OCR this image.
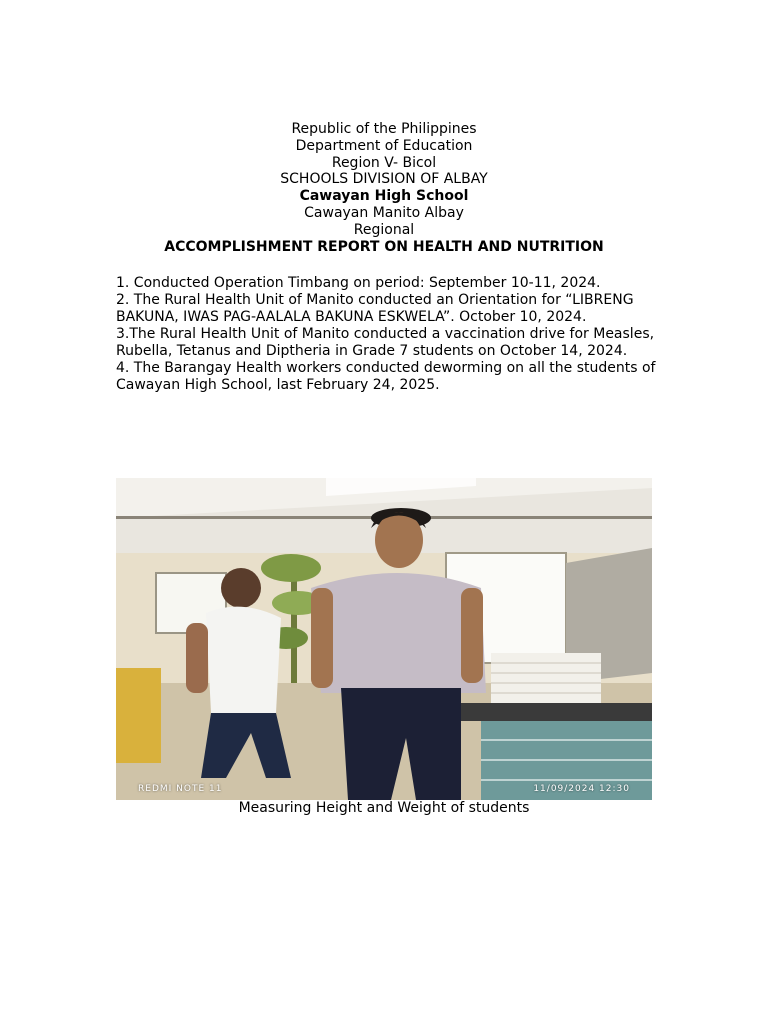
Republic of the Philippines
Department of Education
Region V- Bicol
SCHOOLS DIVISION OF ALBAY
Cawayan High School
Cawayan Manito Albay
Regional
ACCOMPLISHMENT REPORT ON HEALTH AND NUTRITION

1. Conducted Operation Timbang on period: September 10-11, 2024.

2. The Rural Health Unit of Manito conducted an Orientation for “LIBRENG BAKUNA, IWAS PAG-AALALA BAKUNA ESKWELA”. October 10, 2024.

3.The Rural Health Unit of Manito conducted a vaccination drive for Measles, Rubella, Tetanus and Diptheria in Grade 7 students on October 14, 2024.

4. The Barangay Health workers conducted deworming on all the students of Cawayan High School, last February 24, 2025.

REDMI NOTE 11	11/09/2024 12:30
Measuring Height and Weight of students
